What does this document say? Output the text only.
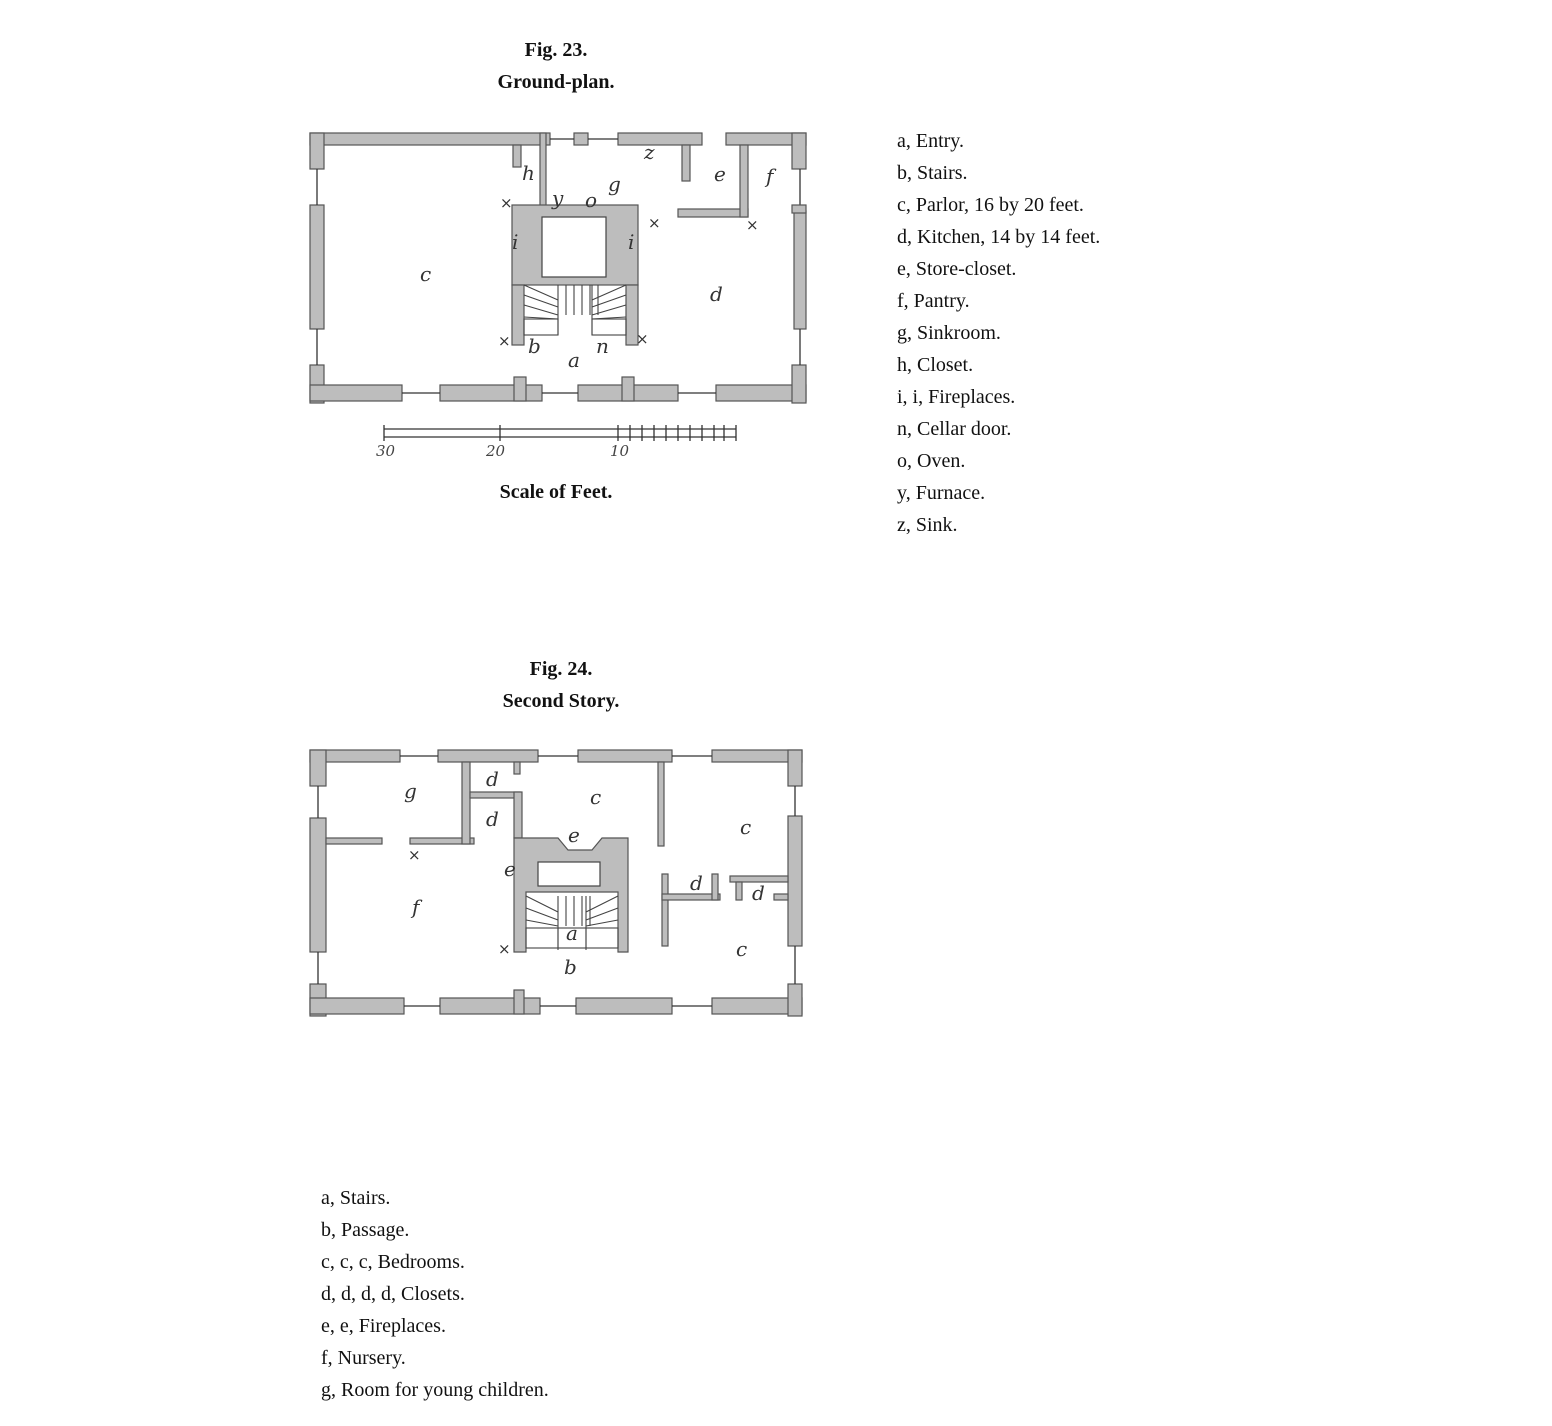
Fig. 23.
Ground-plan.
×
×	×
×	×
h
y o
g
z
e f
i	i
c
d
b	n
a
30	20	10
Scale of Feet.
a, Entry.
b, Stairs.
c, Parlor, 16 by 20 feet.
d, Kitchen, 14 by 14 feet.
e, Store-closet.
f, Pantry.
g, Sinkroom.
h, Closet.
i, i, Fireplaces.
n, Cellar door.
o, Oven.
y, Furnace.
z, Sink.
Fig. 24.
Second Story.
×
×
g	d
d
c
e
e
c
d d
f
a
b
c
a, Stairs.
b, Passage.
c, c, c, Bedrooms.
d, d, d, d, Closets.
e, e, Fireplaces.
f, Nursery.
g, Room for young children.
